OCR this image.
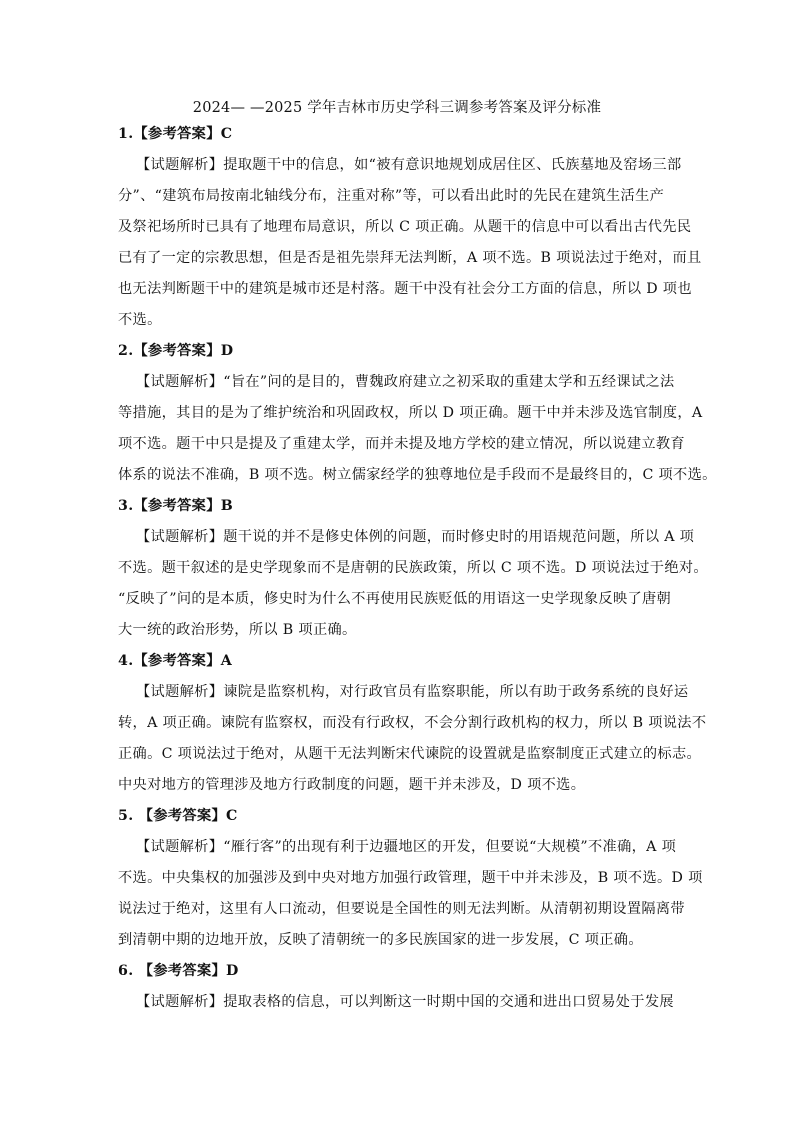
2024— —2025 学年吉林市历史学科三调参考答案及评分标准
1.【参考答案】C
【试题解析】提取题干中的信息，如“被有意识地规划成居住区、氏族墓地及窑场三部
分”、“建筑布局按南北轴线分布，注重对称”等，可以看出此时的先民在建筑生活生产
及祭祀场所时已具有了地理布局意识，所以 C 项正确。从题干的信息中可以看出古代先民
已有了一定的宗教思想，但是否是祖先崇拜无法判断，A 项不选。B 项说法过于绝对，而且
也无法判断题干中的建筑是城市还是村落。题干中没有社会分工方面的信息，所以 D 项也
不选。
2.【参考答案】D
【试题解析】“旨在”问的是目的，曹魏政府建立之初采取的重建太学和五经课试之法
等措施，其目的是为了维护统治和巩固政权，所以 D 项正确。题干中并未涉及选官制度，A
项不选。题干中只是提及了重建太学，而并未提及地方学校的建立情况，所以说建立教育
体系的说法不准确，B 项不选。树立儒家经学的独尊地位是手段而不是最终目的，C 项不选。
3.【参考答案】B
【试题解析】题干说的并不是修史体例的问题，而时修史时的用语规范问题，所以 A 项
不选。题干叙述的是史学现象而不是唐朝的民族政策，所以 C 项不选。D 项说法过于绝对。
“反映了”问的是本质，修史时为什么不再使用民族贬低的用语这一史学现象反映了唐朝
大一统的政治形势，所以 B 项正确。
4.【参考答案】A
【试题解析】谏院是监察机构，对行政官员有监察职能，所以有助于政务系统的良好运
转，A 项正确。谏院有监察权，而没有行政权，不会分割行政机构的权力，所以 B 项说法不
正确。C 项说法过于绝对，从题干无法判断宋代谏院的设置就是监察制度正式建立的标志。
中央对地方的管理涉及地方行政制度的问题，题干并未涉及，D 项不选。
5. 【参考答案】C
【试题解析】“雁行客”的出现有利于边疆地区的开发，但要说“大规模”不准确，A 项
不选。中央集权的加强涉及到中央对地方加强行政管理，题干中并未涉及，B 项不选。D 项
说法过于绝对，这里有人口流动，但要说是全国性的则无法判断。从清朝初期设置隔离带
到清朝中期的边地开放，反映了清朝统一的多民族国家的进一步发展，C 项正确。
6. 【参考答案】D
【试题解析】提取表格的信息，可以判断这一时期中国的交通和进出口贸易处于发展
